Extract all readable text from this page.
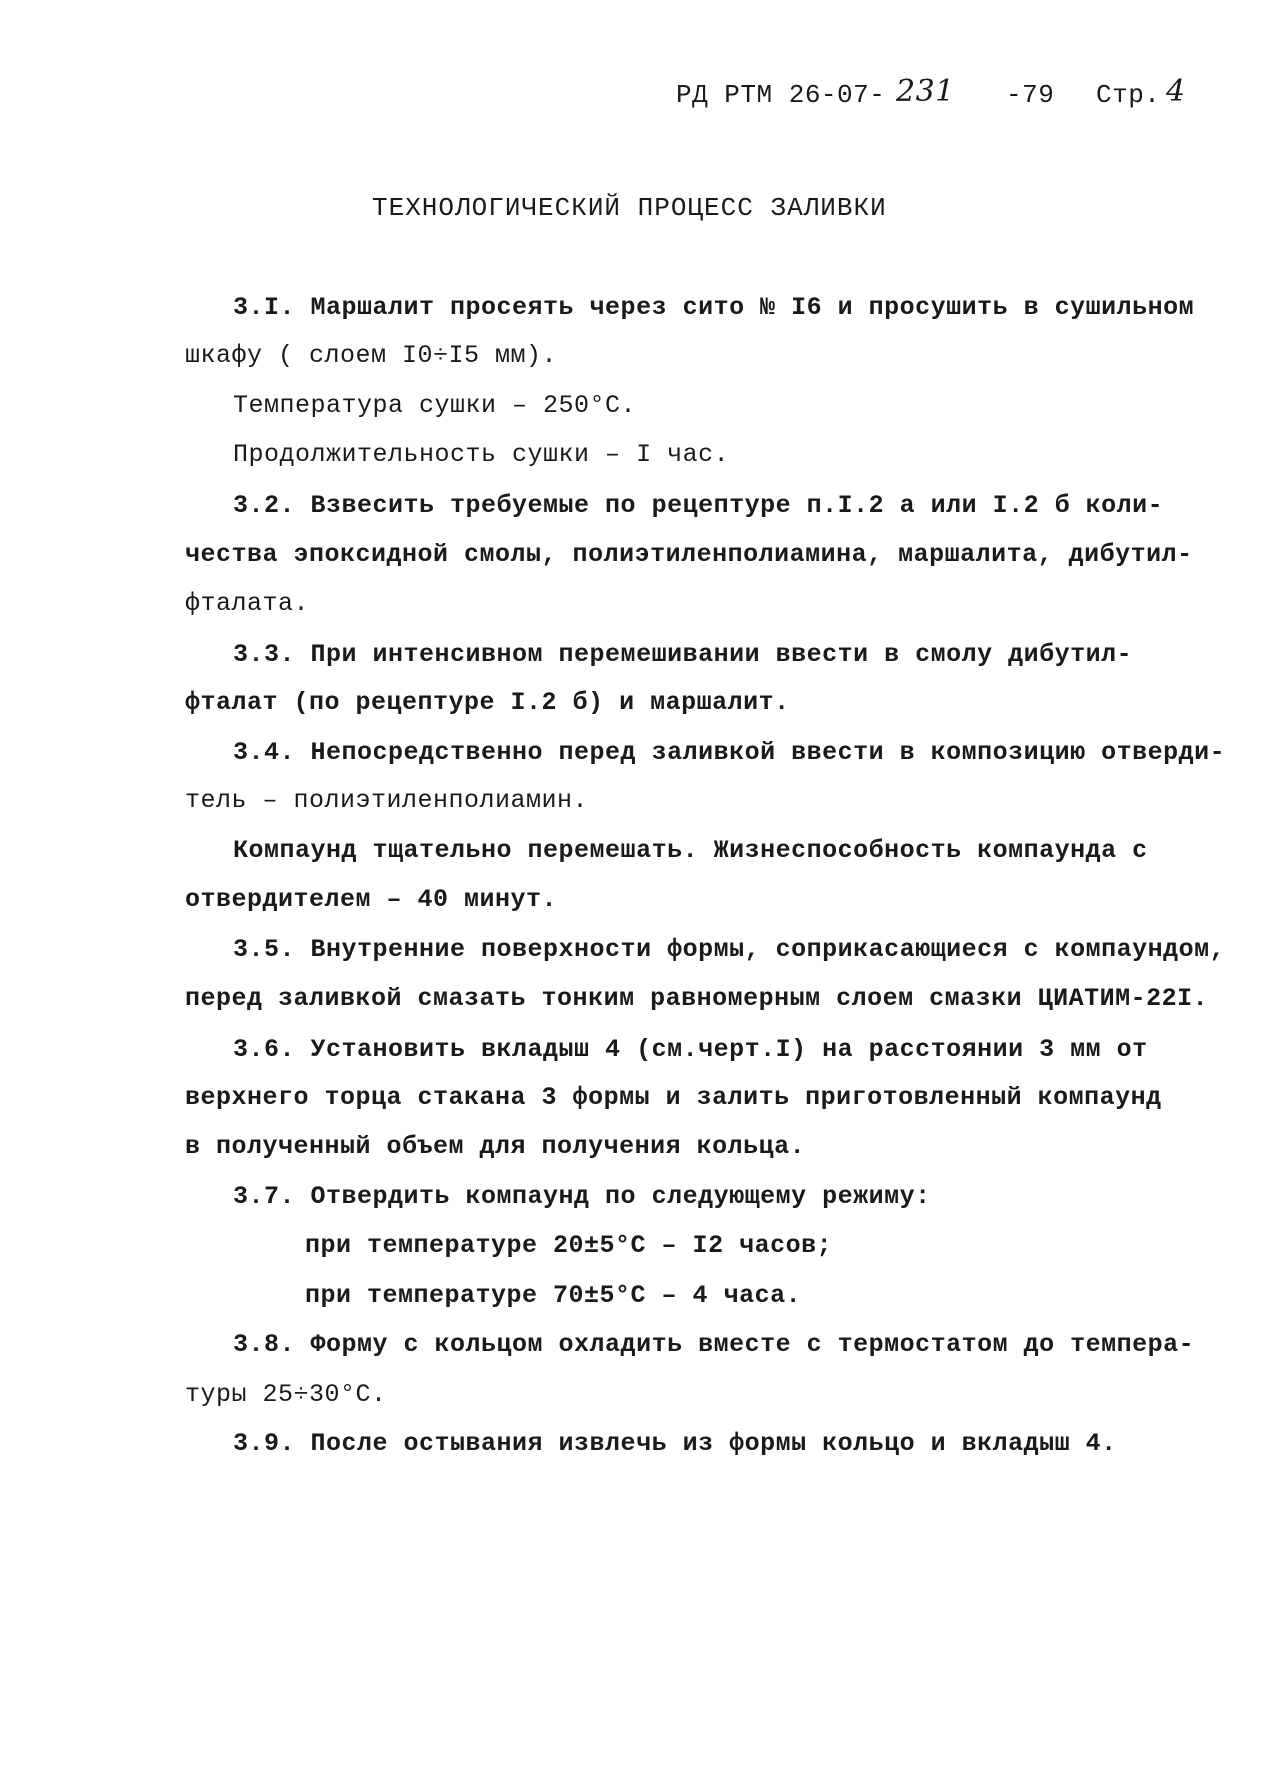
РД РТМ 26-07- 231 -79 Стр. 4
ТЕХНОЛОГИЧЕСКИЙ ПРОЦЕСС ЗАЛИВКИ
3.I. Маршалит просеять через сито № I6 и просушить в сушильном
шкафу ( слоем I0÷I5 мм).
Температура сушки – 250°С.
Продолжительность сушки – I час.
3.2. Взвесить требуемые по рецептуре п.I.2 а или I.2 б коли-
чества эпоксидной смолы, полиэтиленполиамина, маршалита, дибутил-
фталата.
3.3. При интенсивном перемешивании ввести в смолу дибутил-
фталат (по рецептуре I.2 б) и маршалит.
3.4. Непосредственно перед заливкой ввести в композицию отверди-
тель – полиэтиленполиамин.
Компаунд тщательно перемешать. Жизнеспособность компаунда с
отвердителем – 40 минут.
3.5. Внутренние поверхности формы, соприкасающиеся с компаундом,
перед заливкой смазать тонким равномерным слоем смазки ЦИАТИМ-22I.
3.6. Установить вкладыш 4 (см.черт.I) на расстоянии 3 мм от
верхнего торца стакана 3 формы и залить приготовленный компаунд
в полученный объем для получения кольца.
3.7. Отвердить компаунд по следующему режиму:
при температуре 20±5°С – I2 часов;
при температуре 70±5°С – 4 часа.
3.8. Форму с кольцом охладить вместе с термостатом до темпера-
туры 25÷30°С.
3.9. После остывания извлечь из формы кольцо и вкладыш 4.
